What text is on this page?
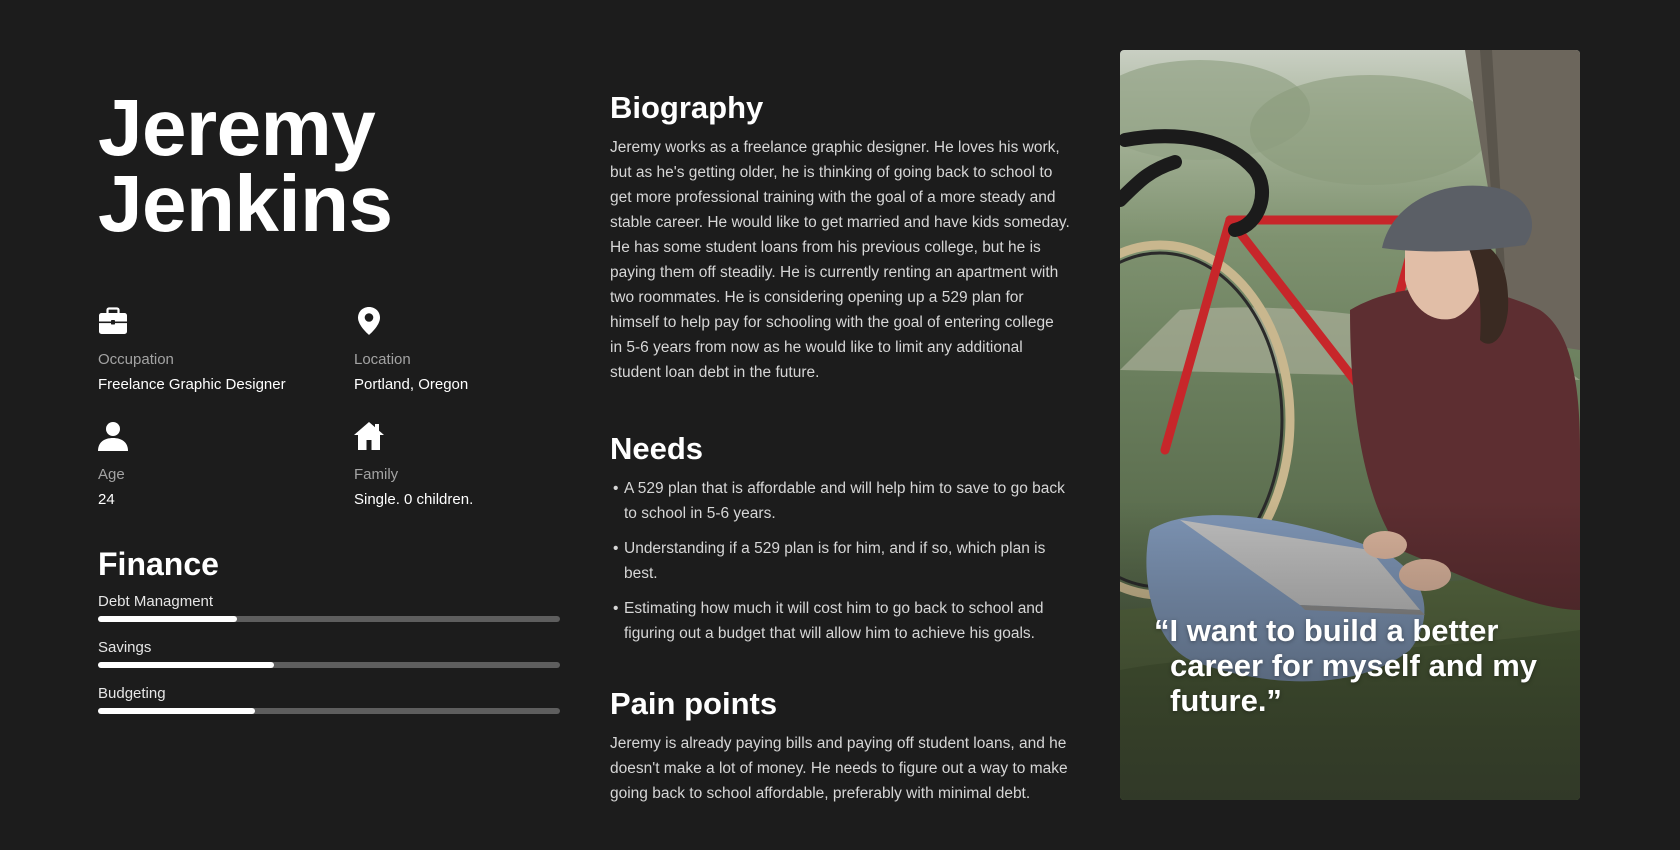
Jeremy
Jenkins
Occupation
Freelance Graphic Designer
Location
Portland, Oregon
Age
24
Family
Single. 0 children.
Finance
Debt Managment
Savings
Budgeting
Biography

Jeremy works as a freelance graphic designer. He loves his work, but as he's getting older, he is thinking of going back to school to get more professional training with the goal of a more steady and stable career. He would like to get married and have kids someday. He has some student loans from his previous college, but he is paying them off steadily. He is currently renting an apartment with two roommates. He is considering opening up a 529 plan for himself to help pay for schooling with the goal of entering college in 5-6 years from now as he would like to limit any additional student loan debt in the future.

Needs
• A 529 plan that is affordable and will help him to save to go back to school in 5-6 years.
• Understanding if a 529 plan is for him, and if so, which plan is best.
• Estimating how much it will cost him to go back to school and figuring out a budget that will allow him to achieve his goals.
Pain points

Jeremy is already paying bills and paying off student loans, and he doesn't make a lot of money. He needs to figure out a way to make going back to school affordable, preferably with minimal debt.

“I want to build a better career for myself and my future.”
